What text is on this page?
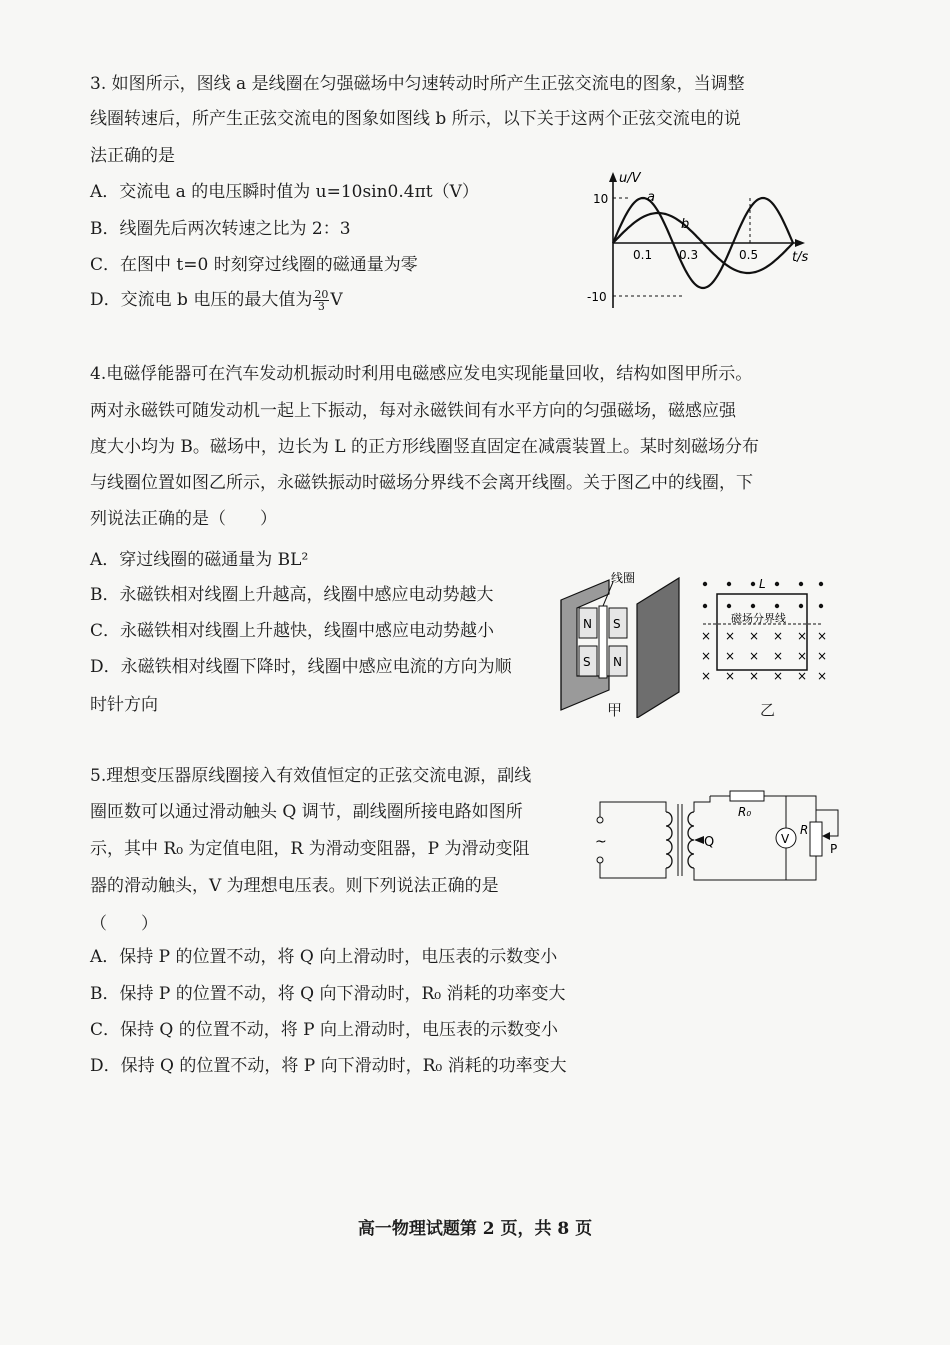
3. 如图所示，图线 a 是线圈在匀强磁场中匀速转动时所产生正弦交流电的图象，当调整
线圈转速后，所产生正弦交流电的图象如图线 b 所示，以下关于这两个正弦交流电的说
法正确的是
A．交流电 a 的电压瞬时值为 u=10sin0.4πt（V）
B．线圈先后两次转速之比为 2：3
C．在图中 t=0 时刻穿过线圈的磁通量为零
D．交流电 b 电压的最大值为 $\frac{20}{3}$ V
u/V
10
-10
0.1 0.3	0.5	t/s
a
b
4.电磁俘能器可在汽车发动机振动时利用电磁感应发电实现能量回收，结构如图甲所示。
两对永磁铁可随发动机一起上下振动，每对永磁铁间有水平方向的匀强磁场，磁感应强
度大小均为 B。磁场中，边长为 L 的正方形线圈竖直固定在减震装置上。某时刻磁场分布
与线圈位置如图乙所示，永磁铁振动时磁场分界线不会离开线圈。关于图乙中的线圈，下
列说法正确的是（　　）
A．穿过线圈的磁通量为 BL²
B．永磁铁相对线圈上升越高，线圈中感应电动势越大
C．永磁铁相对线圈上升越快，线圈中感应电动势越小
D．永磁铁相对线圈下降时，线圈中感应电流的方向为顺
时针方向
线圈
N
S
S
N
甲
× × × × × ×
× × × × × ×
× × × × × ×
L
磁场分界线
乙
5.理想变压器原线圈接入有效值恒定的正弦交流电源，副线
圈匝数可以通过滑动触头 Q 调节，副线圈所接电路如图所
示，其中 R₀ 为定值电阻，R 为滑动变阻器，P 为滑动变阻
器的滑动触头，V 为理想电压表。则下列说法正确的是
（　　）
A．保持 P 的位置不动，将 Q 向上滑动时，电压表的示数变小
B．保持 P 的位置不动，将 Q 向下滑动时，R₀ 消耗的功率变大
C．保持 Q 的位置不动，将 P 向上滑动时，电压表的示数变小
D．保持 Q 的位置不动，将 P 向下滑动时，R₀ 消耗的功率变大
~	Q
R₀
V
R
P
高一物理试题第 2 页，共 8 页
